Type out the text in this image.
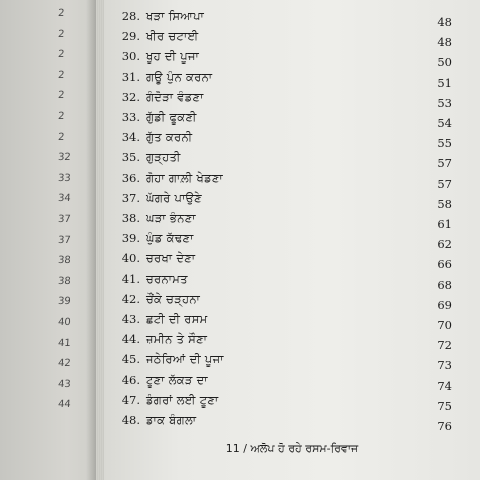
2
2
2
2
2
2
2
32
33
34
37
37
38
38
39
40
41
42
43
44
28. ਖੜਾ ਸਿਆਪਾ	48
29. ਖੀਰ ਚਟਾਈ	48
30. ਖੂਹ ਦੀ ਪੂਜਾ	50
31. ਗਊ ਪੁੰਨ ਕਰਨਾ	51
32. ਗੰਦੋੜਾ ਵੰਡਣਾ	53
33. ਗੁੱਡੀ ਫੂਕਣੀ	54
34. ਗੁੱਤ ਕਰਨੀ	55
35. ਗੁੜ੍ਹਤੀ	57
36. ਗੋਹਾ ਗਾਲ਼ੀ ਖੇਡਣਾ	57
37. ਘੱਗਰੇ ਪਾਉਣੇ	58
38. ਘੜਾ ਭੰਨਣਾ	61
39. ਘੁੰਡ ਕੱਢਣਾ	62
40. ਚਰਖਾ ਦੇਣਾ	66
41. ਚਰਨਾਮਤ	68
42. ਚੌਂਕੇ ਚੜ੍ਹਨਾ	69
43. ਛਟੀ ਦੀ ਰਸਮ	70
44. ਜ਼ਮੀਨ ਤੇ ਸੌਣਾ	72
45. ਜਠੇਰਿਆਂ ਦੀ ਪੂਜਾ	73
46. ਟੂਣਾ ਲੱਕੜ ਦਾ	74
47. ਡੰਗਰਾਂ ਲਈ ਟੂਣਾ	75
48. ਡਾਕ ਬੰਗਲਾ	76
11 / ਅਲੋਪ ਹੋ ਰਹੇ ਰਸਮ-ਰਿਵਾਜ
